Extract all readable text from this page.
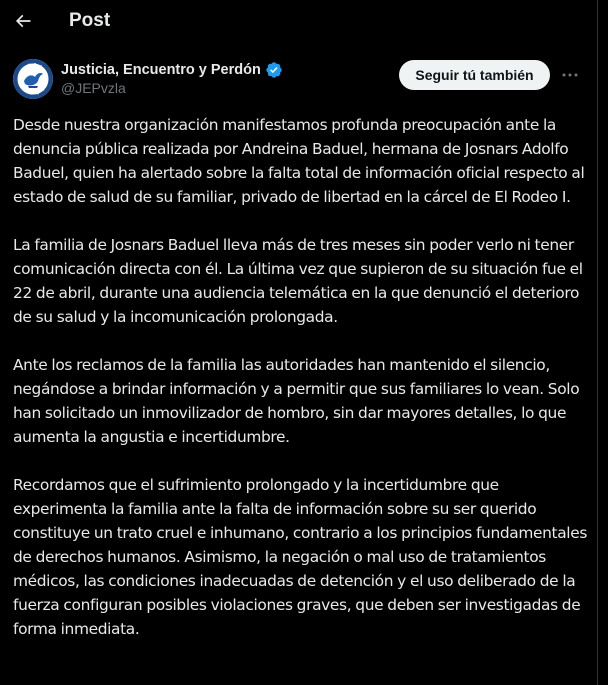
Post
Justicia, Encuentro y Perdón
@JEPvzla
Seguir tú también

Desde nuestra organización manifestamos profunda preocupación ante la denuncia pública realizada por Andreina Baduel, hermana de Josnars Adolfo Baduel, quien ha alertado sobre la falta total de información oficial respecto al estado de salud de su familiar, privado de libertad en la cárcel de El Rodeo I.

La familia de Josnars Baduel lleva más de tres meses sin poder verlo ni tener comunicación directa con él. La última vez que supieron de su situación fue el 22 de abril, durante una audiencia telemática en la que denunció el deterioro de su salud y la incomunicación prolongada.

Ante los reclamos de la familia las autoridades han mantenido el silencio, negándose a brindar información y a permitir que sus familiares lo vean. Solo han solicitado un inmovilizador de hombro, sin dar mayores detalles, lo que aumenta la angustia e incertidumbre.

Recordamos que el sufrimiento prolongado y la incertidumbre que experimenta la familia ante la falta de información sobre su ser querido constituye un trato cruel e inhumano, contrario a los principios fundamentales de derechos humanos. Asimismo, la negación o mal uso de tratamientos médicos, las condiciones inadecuadas de detención y el uso deliberado de la fuerza configuran posibles violaciones graves, que deben ser investigadas de forma inmediata.
